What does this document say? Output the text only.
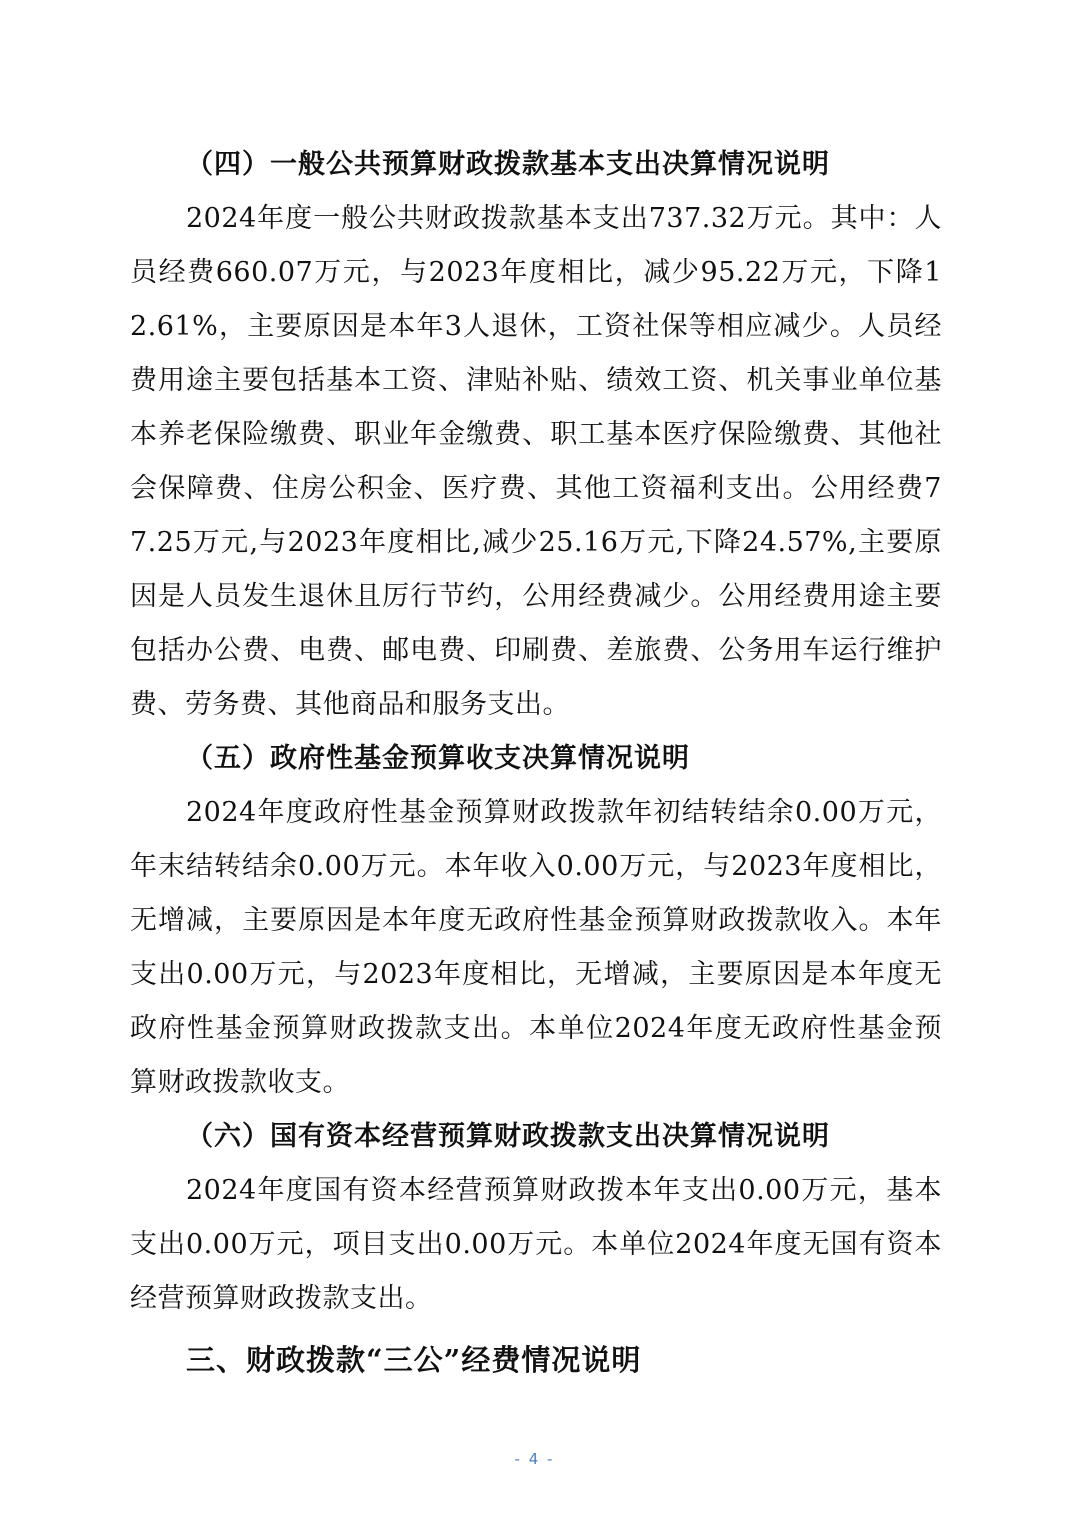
（四）一般公共预算财政拨款基本支出决算情况说明

2024年度一般公共财政拨款基本支出737.32万元。其中：人员经费660.07万元，与2023年度相比，减少95.22万元，下降12.61%，主要原因是本年3人退休，工资社保等相应减少。人员经费用途主要包括基本工资、津贴补贴、绩效工资、机关事业单位基本养老保险缴费、职业年金缴费、职工基本医疗保险缴费、其他社会保障费、住房公积金、医疗费、其他工资福利支出。公用经费77.25万元,与2023年度相比,减少25.16万元,下降24.57%,主要原因是人员发生退休且厉行节约，公用经费减少。公用经费用途主要包括办公费、电费、邮电费、印刷费、差旅费、公务用车运行维护费、劳务费、其他商品和服务支出。

（五）政府性基金预算收支决算情况说明

2024年度政府性基金预算财政拨款年初结转结余0.00万元，年末结转结余0.00万元。本年收入0.00万元，与2023年度相比，无增减，主要原因是本年度无政府性基金预算财政拨款收入。本年支出0.00万元，与2023年度相比，无增减，主要原因是本年度无政府性基金预算财政拨款支出。本单位2024年度无政府性基金预算财政拨款收支。

（六）国有资本经营预算财政拨款支出决算情况说明

2024年度国有资本经营预算财政拨本年支出0.00万元，基本支出0.00万元，项目支出0.00万元。本单位2024年度无国有资本经营预算财政拨款支出。

三、财政拨款“三公”经费情况说明
- 4 -
